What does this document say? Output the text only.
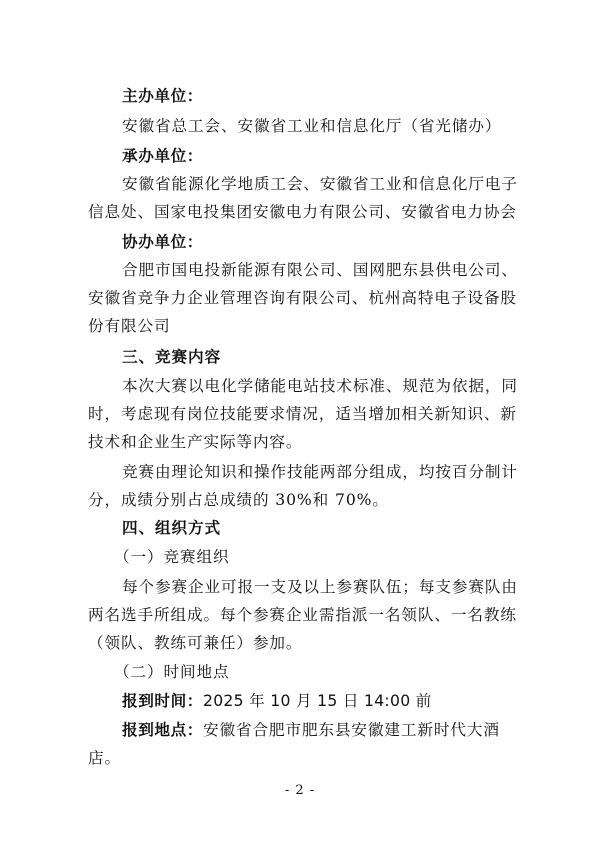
主办单位：
安徽省总工会、安徽省工业和信息化厅（省光储办）
承办单位：
安徽省能源化学地质工会、安徽省工业和信息化厅电子
信息处、国家电投集团安徽电力有限公司、安徽省电力协会
协办单位：
合肥市国电投新能源有限公司、国网肥东县供电公司、
安徽省竞争力企业管理咨询有限公司、杭州高特电子设备股
份有限公司
三、竞赛内容
本次大赛以电化学储能电站技术标准、规范为依据，同
时，考虑现有岗位技能要求情况，适当增加相关新知识、新
技术和企业生产实际等内容。
竞赛由理论知识和操作技能两部分组成，均按百分制计
分，成绩分别占总成绩的 30%和 70%。
四、组织方式
（一）竞赛组织
每个参赛企业可报一支及以上参赛队伍；每支参赛队由
两名选手所组成。每个参赛企业需指派一名领队、一名教练
（领队、教练可兼任）参加。
（二）时间地点
报到时间：2025 年 10 月 15 日 14:00 前
报到地点：安徽省合肥市肥东县安徽建工新时代大酒
店。
- 2 -
